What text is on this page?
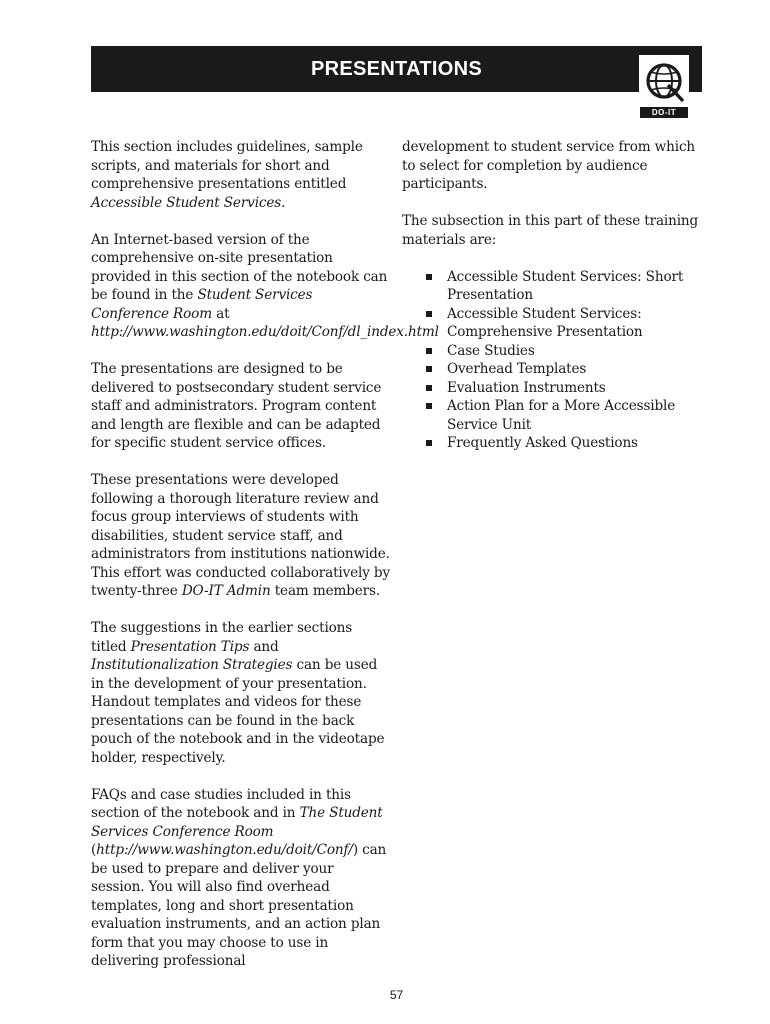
PRESENTATIONS
DO-IT

This section includes guidelines, sample scripts, and materials for short and comprehensive presentations entitled Accessible Student Services.

An Internet-based version of the comprehensive on-site presentation provided in this section of the notebook can be found in the Student Services Conference Room at http://www.washington.edu/doit/Conf/dl_index.html

The presentations are designed to be delivered to postsecondary student service staff and administrators. Program content and length are flexible and can be adapted for specific student service offices.

These presentations were developed following a thorough literature review and focus group interviews of students with disabilities, student service staff, and administrators from institutions nationwide. This effort was conducted collaboratively by twenty-three DO-IT Admin team members.

The suggestions in the earlier sections titled Presentation Tips and Institutionalization Strategies can be used in the development of your presentation. Handout templates and videos for these presentations can be found in the back pouch of the notebook and in the videotape holder, respectively.

FAQs and case studies included in this section of the notebook and in The Student Services Conference Room (http://www.washington.edu/doit/Conf/) can be used to prepare and deliver your session. You will also find overhead templates, long and short presentation evaluation instruments, and an action plan form that you may choose to use in delivering professional

development to student service from which to select for completion by audience participants.

The subsection in this part of these training materials are:

Accessible Student Services: Short Presentation
Accessible Student Services: Comprehensive Presentation
Case Studies
Overhead Templates
Evaluation Instruments
Action Plan for a More Accessible Service Unit
Frequently Asked Questions
57
